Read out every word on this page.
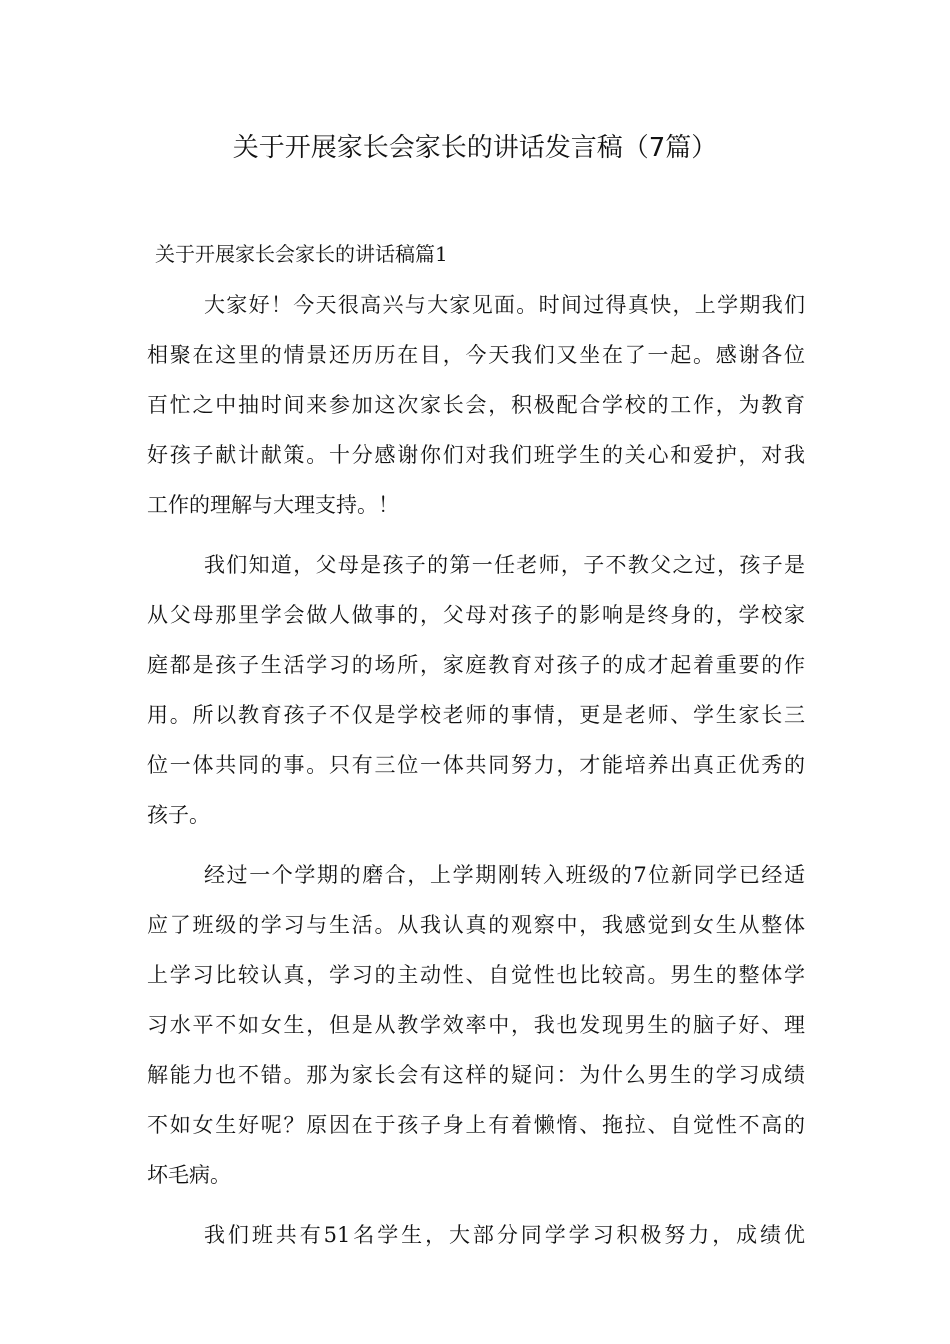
关于开展家长会家长的讲话发言稿（7篇）
关于开展家长会家长的讲话稿篇1
大家好！今天很高兴与大家见面。时间过得真快，上学期我们
相聚在这里的情景还历历在目，今天我们又坐在了一起。感谢各位
百忙之中抽时间来参加这次家长会，积极配合学校的工作，为教育
好孩子献计献策。十分感谢你们对我们班学生的关心和爱护，对我
工作的理解与大理支持。！
我们知道，父母是孩子的第一任老师，子不教父之过，孩子是
从父母那里学会做人做事的，父母对孩子的影响是终身的，学校家
庭都是孩子生活学习的场所，家庭教育对孩子的成才起着重要的作
用。所以教育孩子不仅是学校老师的事情，更是老师、学生家长三
位一体共同的事。只有三位一体共同努力，才能培养出真正优秀的
孩子。
经过一个学期的磨合，上学期刚转入班级的7位新同学已经适
应了班级的学习与生活。从我认真的观察中，我感觉到女生从整体
上学习比较认真，学习的主动性、自觉性也比较高。男生的整体学
习水平不如女生，但是从教学效率中，我也发现男生的脑子好、理
解能力也不错。那为家长会有这样的疑问：为什么男生的学习成绩
不如女生好呢？原因在于孩子身上有着懒惰、拖拉、自觉性不高的
坏毛病。
我们班共有51名学生，大部分同学学习积极努力，成绩优
